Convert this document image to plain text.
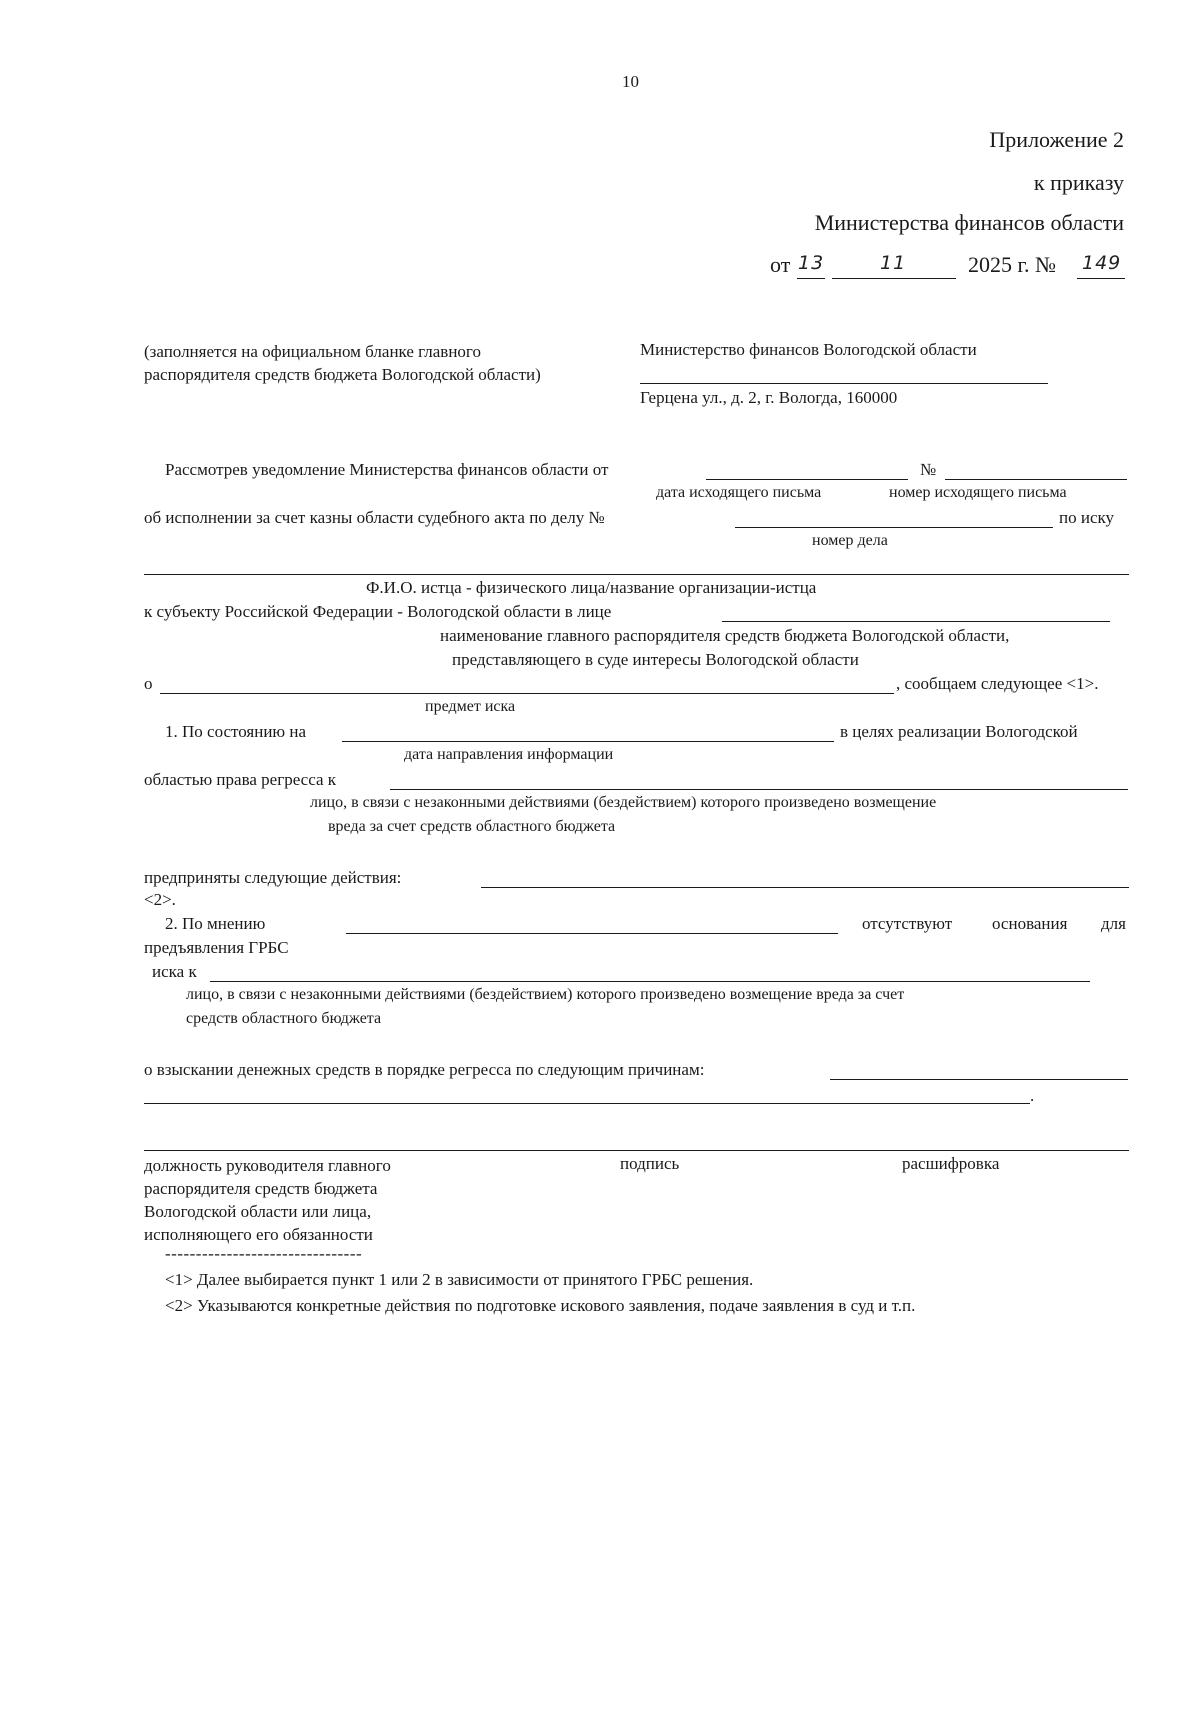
10
Приложение 2
к приказу
Министерства финансов области
от 13	11	2025 г. № 149
(заполняется на официальном бланке главного распорядителя средств бюджета Вологодской области)
Министерство финансов Вологодской области
Герцена ул., д. 2, г. Вологда, 160000
Рассмотрев уведомление Министерства финансов области от	№
дата исходящего письма	номер исходящего письма
об исполнении за счет казны области судебного акта по делу №	по иску
номер дела
Ф.И.О. истца - физического лица/название организации-истца
к субъекту Российской Федерации - Вологодской области в лице
наименование главного распорядителя средств бюджета Вологодской области,
представляющего в суде интересы Вологодской области
о	, сообщаем следующее <1>.
предмет иска
1. По состоянию на	в целях реализации Вологодской
дата направления информации
областью права регресса к
лицо, в связи с незаконными действиями (бездействием) которого произведено возмещение
вреда за счет средств областного бюджета
предприняты следующие действия:
<2>.
2. По мнению	отсутствуют основания для
предъявления ГРБС
иска к
лицо, в связи с незаконными действиями (бездействием) которого произведено возмещение вреда за счет
средств областного бюджета
о взыскании денежных средств в порядке регресса по следующим причинам:
.
должность руководителя главного распорядителя средств бюджета Вологодской области или лица, исполняющего его обязанности
подпись	расшифровка
--------------------------------
<1> Далее выбирается пункт 1 или 2 в зависимости от принятого ГРБС решения.
<2> Указываются конкретные действия по подготовке искового заявления, подаче заявления в суд и т.п.
